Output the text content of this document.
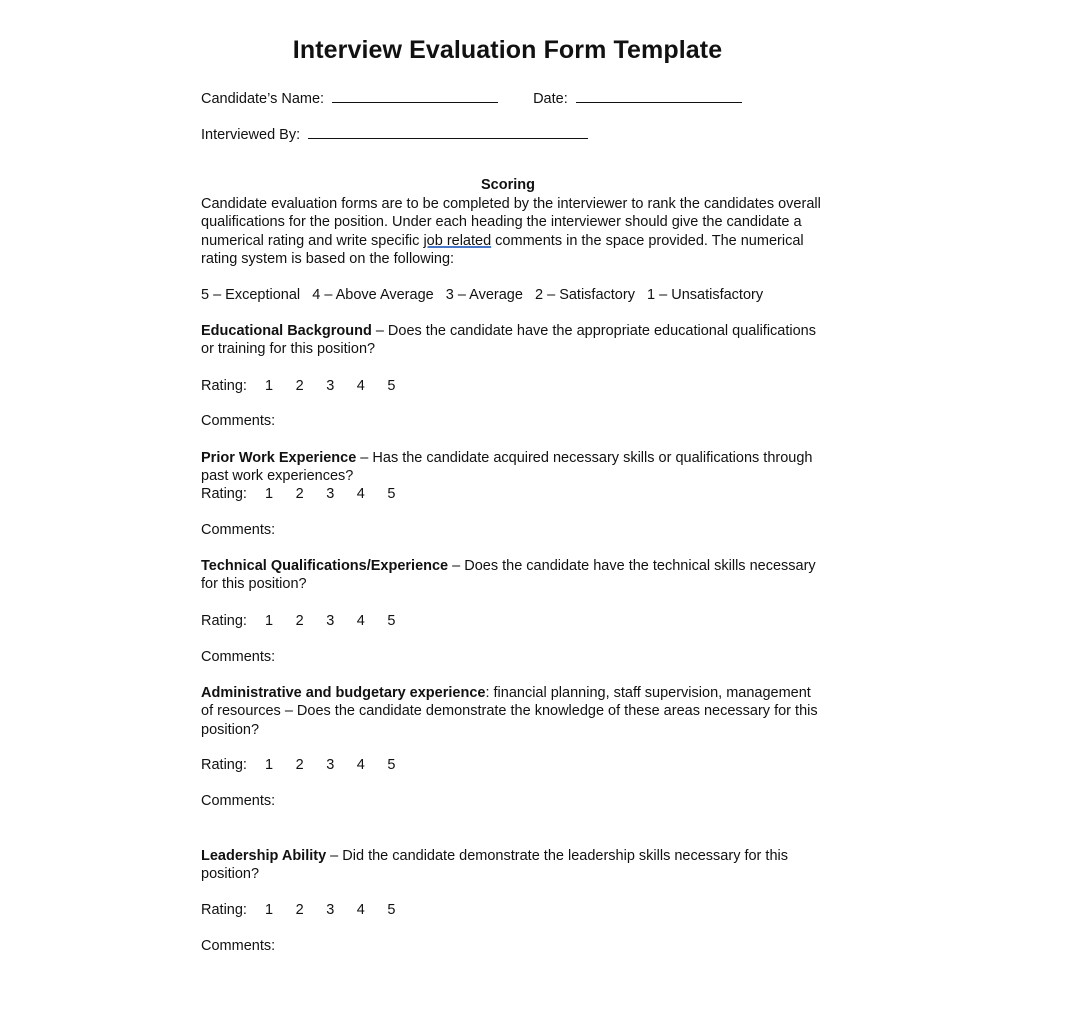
Interview Evaluation Form Template
Candidate’s Name:	Date:
Interviewed By:
Scoring
Candidate evaluation forms are to be completed by the interviewer to rank the candidates overall qualifications for the position. Under each heading the interviewer should give the candidate a numerical rating and write specific job related comments in the space provided. The numerical rating system is based on the following:
5 – Exceptional   4 – Above Average   3 – Average   2 – Satisfactory   1 – Unsatisfactory
Educational Background – Does the candidate have the appropriate educational qualifications or training for this position?
Rating: 1 2 3 4 5
Comments:
Prior Work Experience – Has the candidate acquired necessary skills or qualifications through past work experiences?
Rating: 1 2 3 4 5
Comments:
Technical Qualifications/Experience – Does the candidate have the technical skills necessary for this position?
Rating: 1 2 3 4 5
Comments:
Administrative and budgetary experience: financial planning, staff supervision, management of resources – Does the candidate demonstrate the knowledge of these areas necessary for this position?
Rating: 1 2 3 4 5
Comments:
Leadership Ability – Did the candidate demonstrate the leadership skills necessary for this position?
Rating: 1 2 3 4 5
Comments:
